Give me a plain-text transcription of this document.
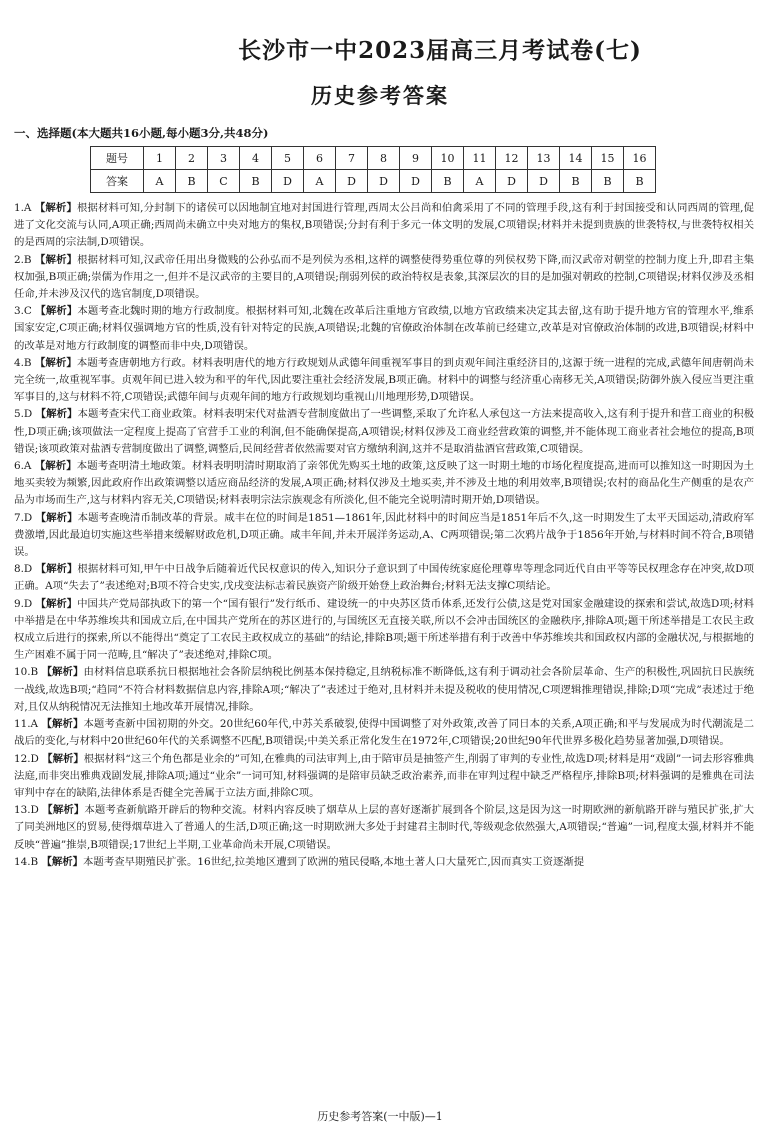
长沙市一中2023届高三月考试卷(七)
历史参考答案
一、选择题(本大题共16小题,每小题3分,共48分)
题号	1	2	3	4	5	6	7	8	9	10	11	12	13	14	15	16
答案	A	B	C	B	D	A	D	D	D	B	A	D	D	B	B	B

1.A 【解析】根据材料可知,分封制下的诸侯可以因地制宜地对封国进行管理,西周太公吕尚和伯禽采用了不同的管理手段,这有利于封国接受和认同西周的管理,促进了文化交流与认同,A项正确;西周尚未确立中央对地方的集权,B项错误;分封有利于多元一体文明的发展,C项错误;材料并未提到贵族的世袭特权,与世袭特权相关的是西周的宗法制,D项错误。

2.B 【解析】根据材料可知,汉武帝任用出身微贱的公孙弘而不是列侯为丞相,这样的调整使得势重位尊的列侯权势下降,而汉武帝对朝堂的控制力度上升,即君主集权加强,B项正确;崇儒为作用之一,但并不是汉武帝的主要目的,A项错误;削弱列侯的政治特权是表象,其深层次的目的是加强对朝政的控制,C项错误;材料仅涉及丞相任命,并未涉及汉代的选官制度,D项错误。

3.C 【解析】本题考查北魏时期的地方行政制度。根据材料可知,北魏在改革后注重地方官政绩,以地方官政绩来决定其去留,这有助于提升地方官的管理水平,维系国家安定,C项正确;材料仅强调地方官的性质,没有针对特定的民族,A项错误;北魏的官僚政治体制在改革前已经建立,改革是对官僚政治体制的改进,B项错误;材料中的改革是对地方行政制度的调整而非中央,D项错误。

4.B 【解析】本题考查唐朝地方行政。材料表明唐代的地方行政规划从武德年间重视军事目的到贞观年间注重经济目的,这源于统一进程的完成,武德年间唐朝尚未完全统一,故重视军事。贞观年间已进入较为和平的年代,因此要注重社会经济发展,B项正确。材料中的调整与经济重心南移无关,A项错误;防御外族入侵应当更注重军事目的,这与材料不符,C项错误;武德年间与贞观年间的地方行政规划均重视山川地理形势,D项错误。

5.D 【解析】本题考查宋代工商业政策。材料表明宋代对盐酒专营制度做出了一些调整,采取了允许私人承包这一方法来提高收入,这有利于提升和营工商业的积极性,D项正确;该项做法一定程度上提高了官营手工业的利润,但不能确保提高,A项错误;材料仅涉及工商业经营政策的调整,并不能体现工商业者社会地位的提高,B项错误;该项政策对盐酒专营制度做出了调整,调整后,民间经营者依然需要对官方缴纳利润,这并不是取消盐酒官营政策,C项错误。

6.A 【解析】本题考查明清土地政策。材料表明明清时期取消了亲邻优先购买土地的政策,这反映了这一时期土地的市场化程度提高,进而可以推知这一时期因为土地买卖较为频繁,因此政府作出政策调整以适应商品经济的发展,A项正确;材料仅涉及土地买卖,并不涉及土地的利用效率,B项错误;农村的商品化生产侧重的是农产品为市场而生产,这与材料内容无关,C项错误;材料表明宗法宗族观念有所淡化,但不能完全说明清时期开始,D项错误。

7.D 【解析】本题考查晚清币制改革的背景。咸丰在位的时间是1851—1861年,因此材料中的时间应当是1851年后不久,这一时期发生了太平天国运动,清政府军费激增,因此最迫切实施这些举措来缓解财政危机,D项正确。咸丰年间,并未开展洋务运动,A、C两项错误;第二次鸦片战争于1856年开始,与材料时间不符合,B项错误。

8.D 【解析】根据材料可知,甲午中日战争后随着近代民权意识的传入,知识分子意识到了中国传统家庭伦理尊卑等理念同近代自由平等等民权理念存在冲突,故D项正确。A项“失去了”表述绝对;B项不符合史实,戊戌变法标志着民族资产阶级开始登上政治舞台;材料无法支撑C项结论。

9.D 【解析】中国共产党局部执政下的第一个“国有银行”发行纸币、建设统一的中央苏区货币体系,还发行公债,这是党对国家金融建设的探索和尝试,故选D项;材料中举措是在中华苏维埃共和国成立后,在中国共产党所在的苏区进行的,与国统区无直接关联,所以不会冲击国统区的金融秩序,排除A项;题干所述举措是工农民主政权成立后进行的探索,所以不能得出“奠定了工农民主政权成立的基础”的结论,排除B项;题干所述举措有利于改善中华苏维埃共和国政权内部的金融状况,与根据地的生产困难不属于同一范畴,且“解决了”表述绝对,排除C项。

10.B 【解析】由材料信息联系抗日根据地社会各阶层纳税比例基本保持稳定,且纳税标准不断降低,这有利于调动社会各阶层革命、生产的积极性,巩固抗日民族统一战线,故选B项;“趋同”不符合材料数据信息内容,排除A项;“解决了”表述过于绝对,且材料并未提及税收的使用情况,C项逻辑推理错误,排除;D项“完成”表述过于绝对,且仅从纳税情况无法推知土地改革开展情况,排除。

11.A 【解析】本题考查新中国初期的外交。20世纪60年代,中苏关系破裂,使得中国调整了对外政策,改善了同日本的关系,A项正确;和平与发展成为时代潮流是二战后的变化,与材料中20世纪60年代的关系调整不匹配,B项错误;中美关系正常化发生在1972年,C项错误;20世纪90年代世界多极化趋势显著加强,D项错误。

12.D 【解析】根据材料“这三个角色都是业余的”可知,在雅典的司法审判上,由于陪审员是抽签产生,削弱了审判的专业性,故选D项;材料是用“戏剧”一词去形容雅典法庭,而非突出雅典戏剧发展,排除A项;通过“业余”一词可知,材料强调的是陪审员缺乏政治素养,而非在审判过程中缺乏严格程序,排除B项;材料强调的是雅典在司法审判中存在的缺陷,法律体系是否健全完善属于立法方面,排除C项。

13.D 【解析】本题考查新航路开辟后的物种交流。材料内容反映了烟草从上层的喜好逐渐扩展到各个阶层,这是因为这一时期欧洲的新航路开辟与殖民扩张,扩大了同美洲地区的贸易,使得烟草进入了普通人的生活,D项正确;这一时期欧洲大多处于封建君主制时代,等级观念依然强大,A项错误;“普遍”一词,程度太强,材料并不能反映“普遍”推崇,B项错误;17世纪上半期,工业革命尚未开展,C项错误。

14.B 【解析】本题考查早期殖民扩张。16世纪,拉美地区遭到了欧洲的殖民侵略,本地土著人口大量死亡,因而真实工资逐渐提

历史参考答案(一中版)—1
